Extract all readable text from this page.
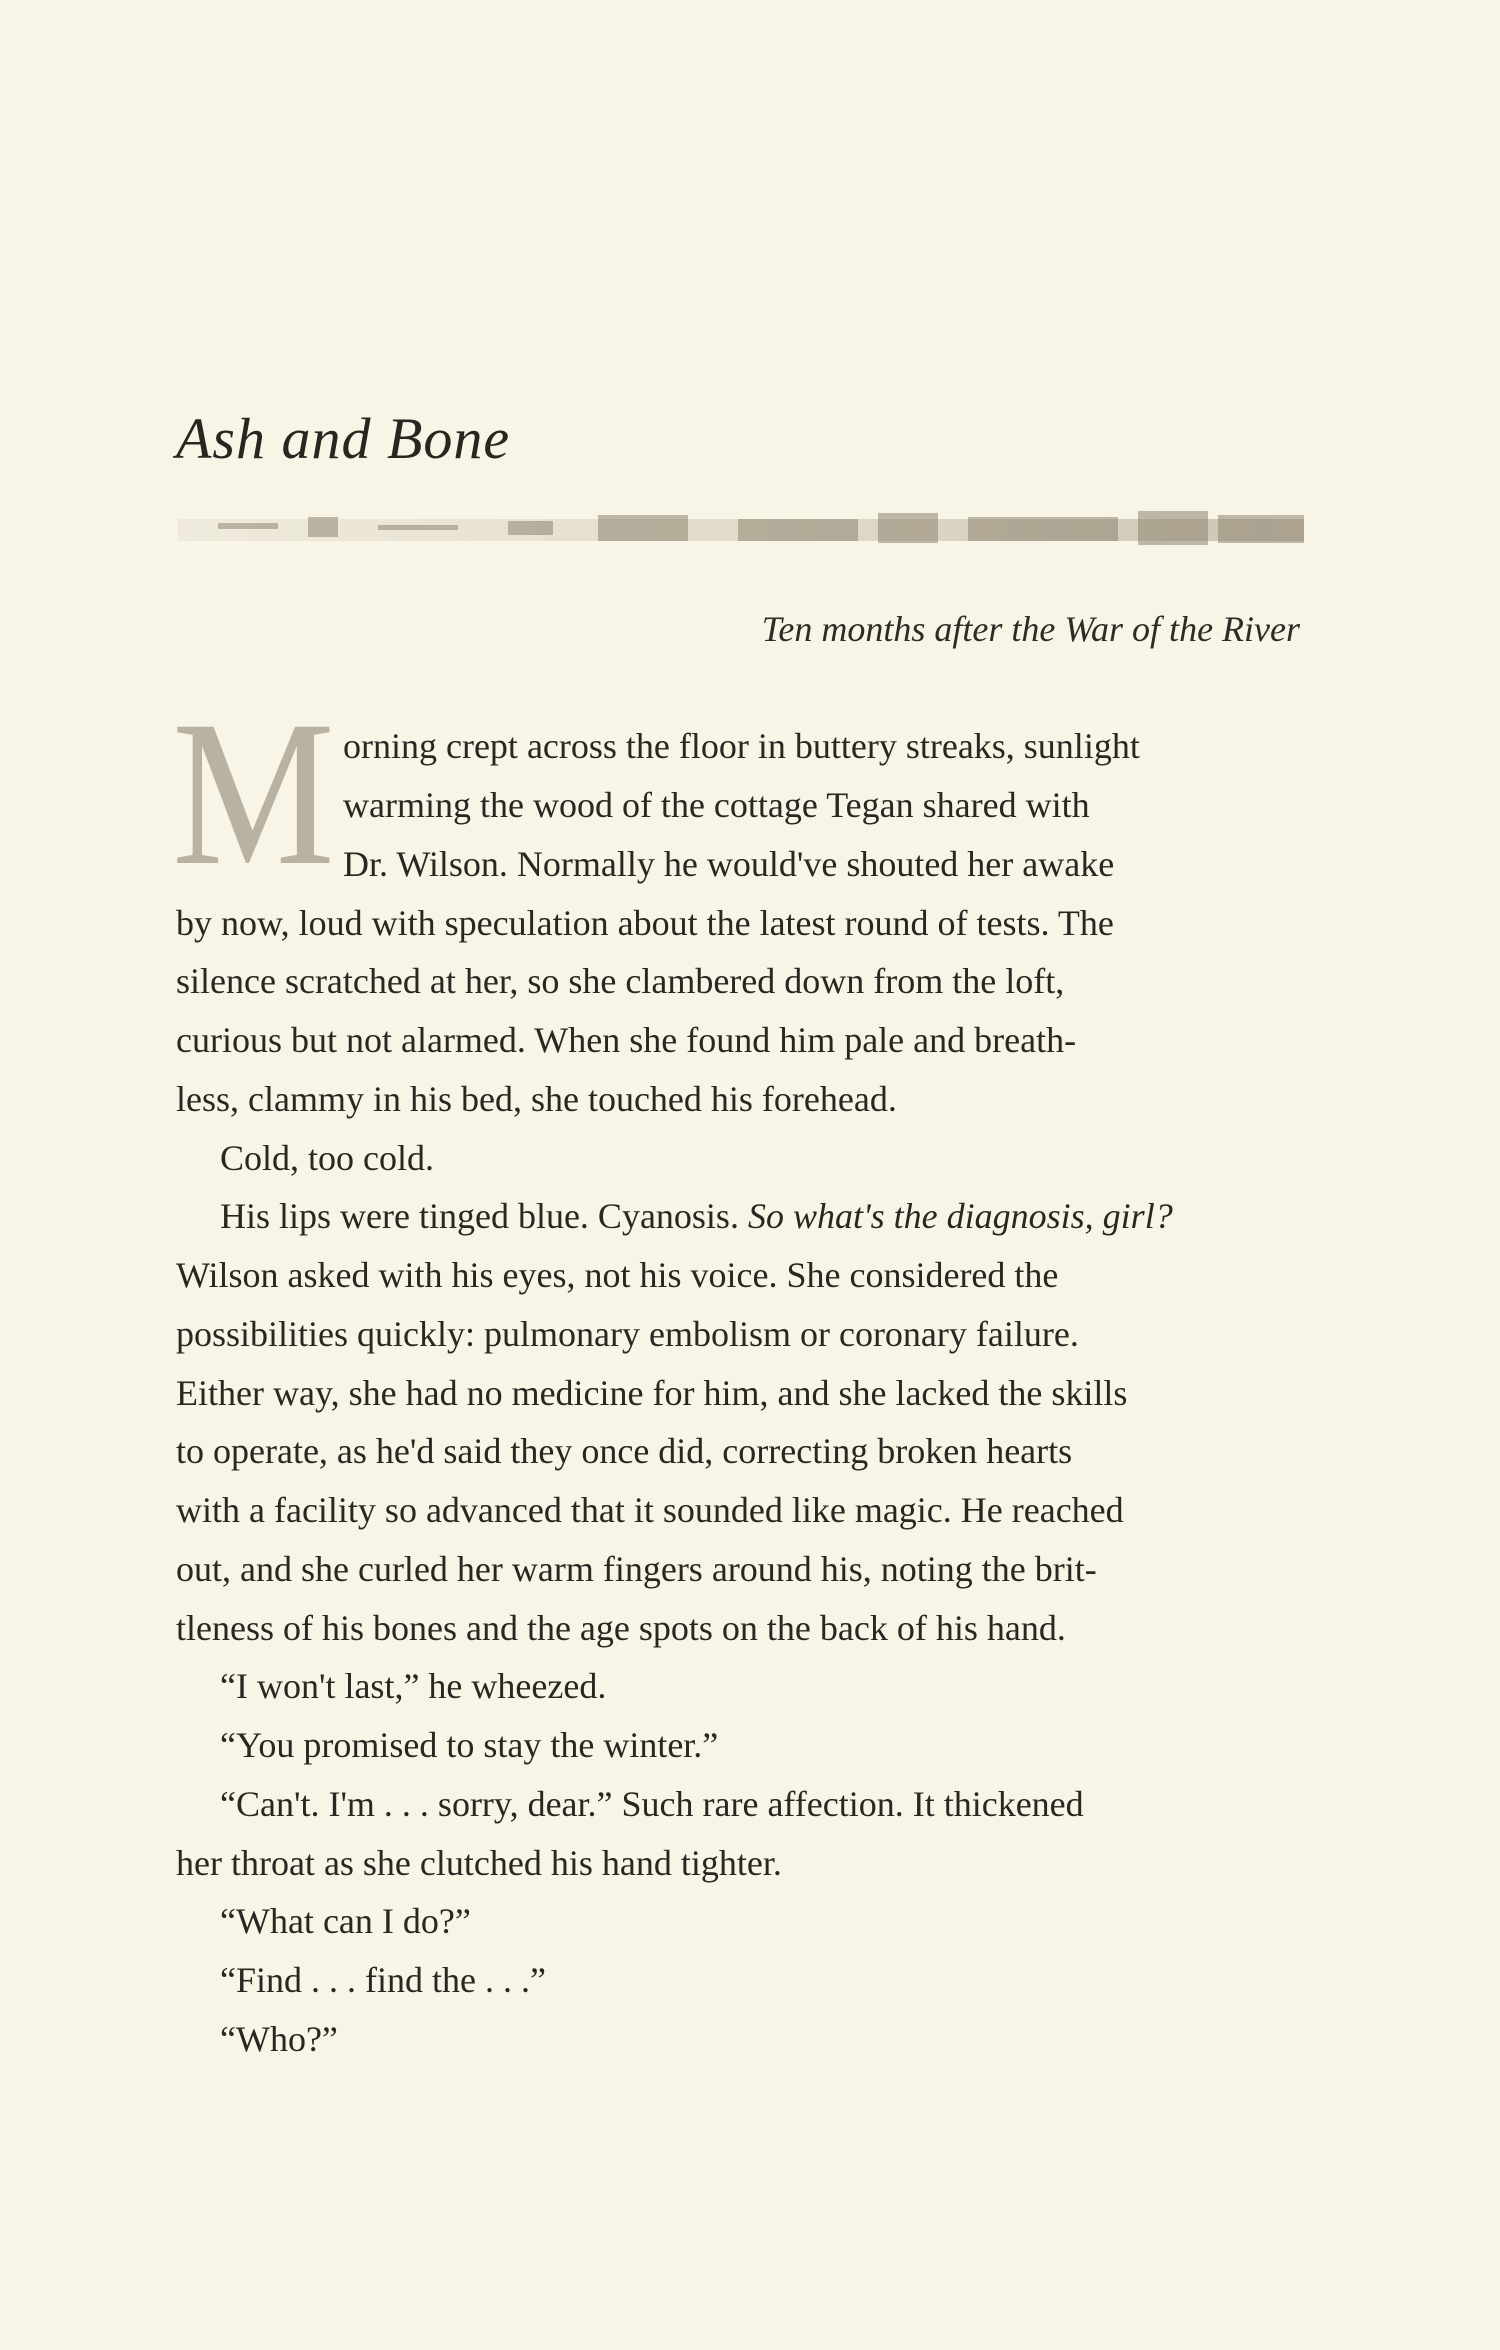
Ash and Bone

Ten months after the War of the River

M orning crept across the floor in buttery streaks, sunlight

warming the wood of the cottage Tegan shared with

Dr. Wilson. Normally he would've shouted her awake

by now, loud with speculation about the latest round of tests. The

silence scratched at her, so she clambered down from the loft,

curious but not alarmed. When she found him pale and breath-

less, clammy in his bed, she touched his forehead.

Cold, too cold.

His lips were tinged blue. Cyanosis. So what's the diagnosis, girl?

Wilson asked with his eyes, not his voice. She considered the

possibilities quickly: pulmonary embolism or coronary failure.

Either way, she had no medicine for him, and she lacked the skills

to operate, as he'd said they once did, correcting broken hearts

with a facility so advanced that it sounded like magic. He reached

out, and she curled her warm fingers around his, noting the brit-

tleness of his bones and the age spots on the back of his hand.

“I won't last,” he wheezed.

“You promised to stay the winter.”

“Can't. I'm . . . sorry, dear.” Such rare affection. It thickened

her throat as she clutched his hand tighter.

“What can I do?”

“Find . . . find the . . .”

“Who?”
